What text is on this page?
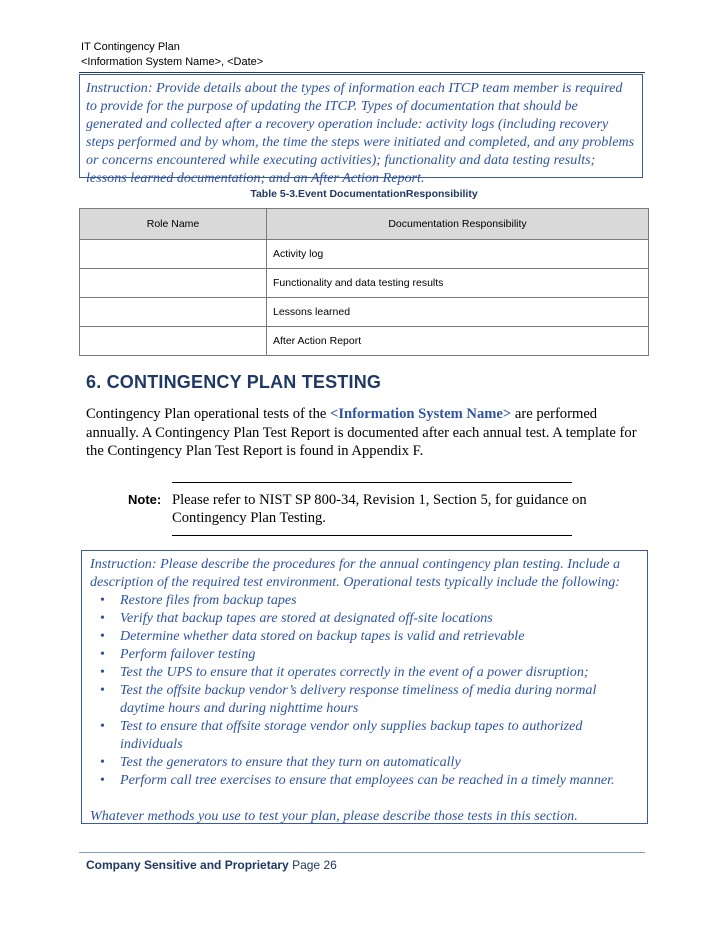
IT Contingency Plan
<Information System Name>, <Date>
Instruction: Provide details about the types of information each ITCP team member is required to provide for the purpose of updating the ITCP. Types of documentation that should be generated and collected after a recovery operation include: activity logs (including recovery steps performed and by whom, the time the steps were initiated and completed, and any problems or concerns encountered while executing activities); functionality and data testing results; lessons learned documentation; and an After Action Report.
Table 5-3.Event DocumentationResponsibility
Role Name	Documentation Responsibility
	Activity log
	Functionality and data testing results
	Lessons learned
	After Action Report
6. CONTINGENCY PLAN TESTING
Contingency Plan operational tests of the <Information System Name> are performed annually. A Contingency Plan Test Report is documented after each annual test. A template for the Contingency Plan Test Report is found in Appendix F.
Note: Please refer to NIST SP 800-34, Revision 1, Section 5, for guidance on Contingency Plan Testing.

Instruction: Please describe the procedures for the annual contingency plan testing. Include a description of the required test environment. Operational tests typically include the following:

• Restore files from backup tapes
• Verify that backup tapes are stored at designated off-site locations
• Determine whether data stored on backup tapes is valid and retrievable
• Perform failover testing
• Test the UPS to ensure that it operates correctly in the event of a power disruption;
• Test the offsite backup vendor’s delivery response timeliness of media during normal daytime hours and during nighttime hours
• Test to ensure that offsite storage vendor only supplies backup tapes to authorized individuals
• Test the generators to ensure that they turn on automatically
• Perform call tree exercises to ensure that employees can be reached in a timely manner.

Whatever methods you use to test your plan, please describe those tests in this section.

Company Sensitive and Proprietary Page 26
